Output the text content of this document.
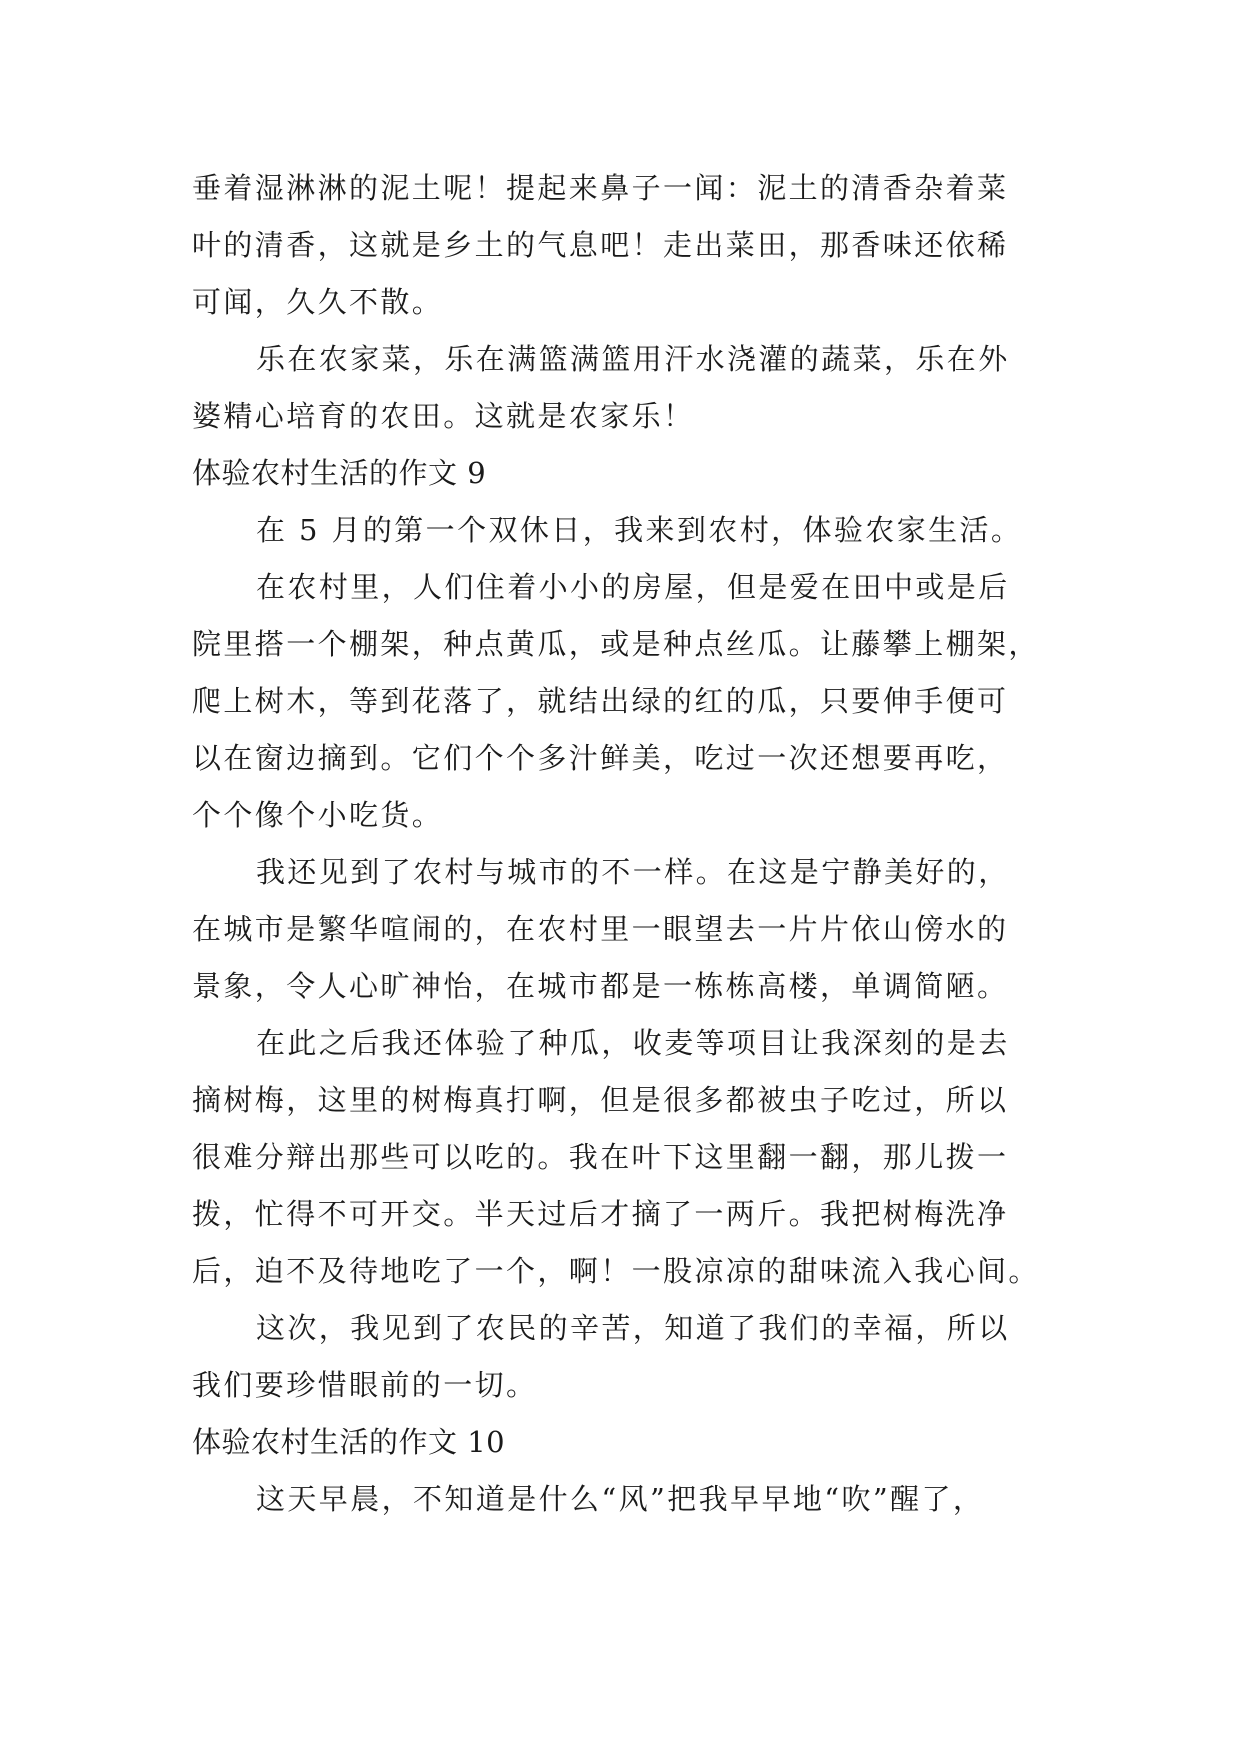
垂着湿淋淋的泥土呢！提起来鼻子一闻：泥土的清香杂着菜
叶的清香，这就是乡土的气息吧！走出菜田，那香味还依稀
可闻，久久不散。
乐在农家菜，乐在满篮满篮用汗水浇灌的蔬菜，乐在外
婆精心培育的农田。这就是农家乐！
体验农村生活的作文 9
在 5 月的第一个双休日，我来到农村，体验农家生活。
在农村里，人们住着小小的房屋，但是爱在田中或是后
院里搭一个棚架，种点黄瓜，或是种点丝瓜。让藤攀上棚架，
爬上树木，等到花落了，就结出绿的红的瓜，只要伸手便可
以在窗边摘到。它们个个多汁鲜美，吃过一次还想要再吃，
个个像个小吃货。
我还见到了农村与城市的不一样。在这是宁静美好的，
在城市是繁华喧闹的，在农村里一眼望去一片片依山傍水的
景象，令人心旷神怡，在城市都是一栋栋高楼，单调简陋。
在此之后我还体验了种瓜，收麦等项目让我深刻的是去
摘树梅，这里的树梅真打啊，但是很多都被虫子吃过，所以
很难分辩出那些可以吃的。我在叶下这里翻一翻，那儿拨一
拨，忙得不可开交。半天过后才摘了一两斤。我把树梅洗净
后，迫不及待地吃了一个，啊！一股凉凉的甜味流入我心间。
这次，我见到了农民的辛苦，知道了我们的幸福，所以
我们要珍惜眼前的一切。
体验农村生活的作文 10
这天早晨，不知道是什么“风”把我早早地“吹”醒了，
